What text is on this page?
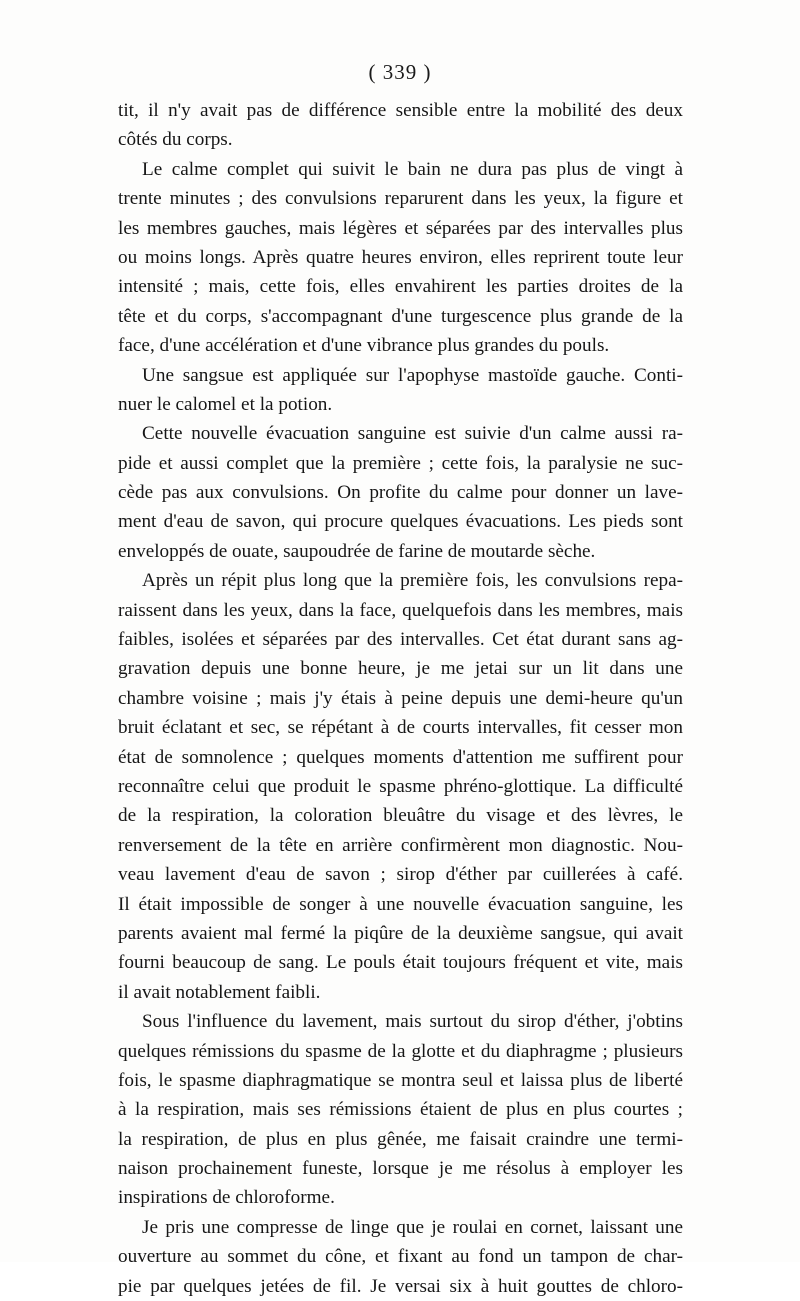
( 339 )
tit, il n'y avait pas de différence sensible entre la mobilité des deux
côtés du corps.
Le calme complet qui suivit le bain ne dura pas plus de vingt à
trente minutes ; des convulsions reparurent dans les yeux, la figure et
les membres gauches, mais légères et séparées par des intervalles plus
ou moins longs. Après quatre heures environ, elles reprirent toute leur
intensité ; mais, cette fois, elles envahirent les parties droites de la
tête et du corps, s'accompagnant d'une turgescence plus grande de la
face, d'une accélération et d'une vibrance plus grandes du pouls.
Une sangsue est appliquée sur l'apophyse mastoïde gauche. Conti-
nuer le calomel et la potion.
Cette nouvelle évacuation sanguine est suivie d'un calme aussi ra-
pide et aussi complet que la première ; cette fois, la paralysie ne suc-
cède pas aux convulsions. On profite du calme pour donner un lave-
ment d'eau de savon, qui procure quelques évacuations. Les pieds sont
enveloppés de ouate, saupoudrée de farine de moutarde sèche.
Après un répit plus long que la première fois, les convulsions repa-
raissent dans les yeux, dans la face, quelquefois dans les membres, mais
faibles, isolées et séparées par des intervalles. Cet état durant sans ag-
gravation depuis une bonne heure, je me jetai sur un lit dans une
chambre voisine ; mais j'y étais à peine depuis une demi-heure qu'un
bruit éclatant et sec, se répétant à de courts intervalles, fit cesser mon
état de somnolence ; quelques moments d'attention me suffirent pour
reconnaître celui que produit le spasme phréno-glottique. La difficulté
de la respiration, la coloration bleuâtre du visage et des lèvres, le
renversement de la tête en arrière confirmèrent mon diagnostic. Nou-
veau lavement d'eau de savon ; sirop d'éther par cuillerées à café.
Il était impossible de songer à une nouvelle évacuation sanguine, les
parents avaient mal fermé la piqûre de la deuxième sangsue, qui avait
fourni beaucoup de sang. Le pouls était toujours fréquent et vite, mais
il avait notablement faibli.
Sous l'influence du lavement, mais surtout du sirop d'éther, j'obtins
quelques rémissions du spasme de la glotte et du diaphragme ; plusieurs
fois, le spasme diaphragmatique se montra seul et laissa plus de liberté
à la respiration, mais ses rémissions étaient de plus en plus courtes ;
la respiration, de plus en plus gênée, me faisait craindre une termi-
naison prochainement funeste, lorsque je me résolus à employer les
inspirations de chloroforme.
Je pris une compresse de linge que je roulai en cornet, laissant une
ouverture au sommet du cône, et fixant au fond un tampon de char-
pie par quelques jetées de fil. Je versai six à huit gouttes de chloro-
